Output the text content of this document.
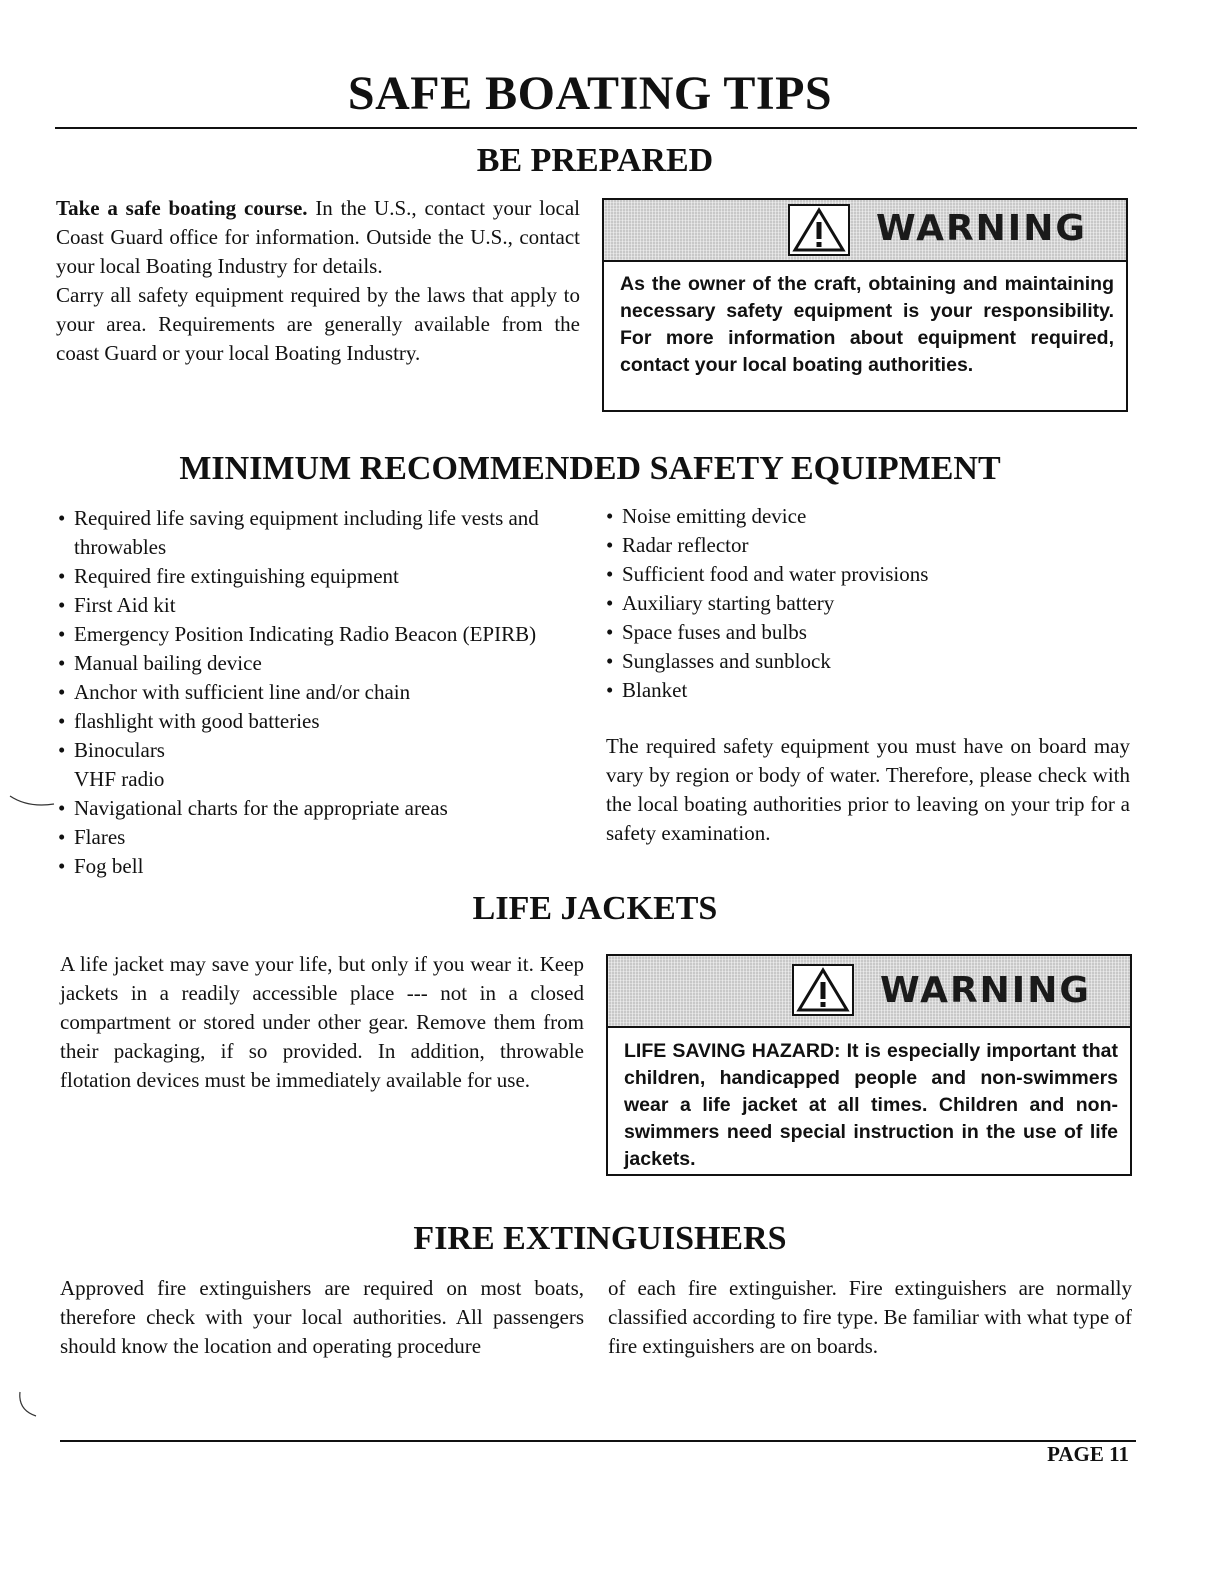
SAFE BOATING TIPS
BE PREPARED

Take a safe boating course. In the U.S., contact your local Coast Guard office for information. Outside the U.S., contact your local Boating Industry for details.

Carry all safety equipment required by the laws that apply to your area. Requirements are generally available from the coast Guard or your local Boating Industry.

WARNING

As the owner of the craft, obtaining and maintaining necessary safety equipment is your responsibility. For more information about equipment required, contact your local boating authorities.

MINIMUM RECOMMENDED SAFETY EQUIPMENT
• Required life saving equipment including life vests and throwables
• Required fire extinguishing equipment
• First Aid kit
• Emergency Position Indicating Radio Beacon (EPIRB)
• Manual bailing device
• Anchor with sufficient line and/or chain
• flashlight with good batteries
• Binoculars
VHF radio
• Navigational charts for the appropriate areas
• Flares
• Fog bell
• Noise emitting device
• Radar reflector
• Sufficient food and water provisions
• Auxiliary starting battery
• Space fuses and bulbs
• Sunglasses and sunblock
• Blanket

The required safety equipment you must have on board may vary by region or body of water. Therefore, please check with the local boating authorities prior to leaving on your trip for a safety examination.

LIFE JACKETS

A life jacket may save your life, but only if you wear it. Keep jackets in a readily accessible place --- not in a closed compartment or stored under other gear. Remove them from their packaging, if so provided. In addition, throwable flotation devices must be immediately available for use.

WARNING

LIFE SAVING HAZARD: It is especially important that children, handicapped people and non-swimmers wear a life jacket at all times. Children and non-swimmers need special instruction in the use of life jackets.

FIRE EXTINGUISHERS

Approved fire extinguishers are required on most boats, therefore check with your local authorities. All passengers should know the location and operating procedure

of each fire extinguisher. Fire extinguishers are normally classified according to fire type. Be familiar with what type of fire extinguishers are on boards.

PAGE 11
